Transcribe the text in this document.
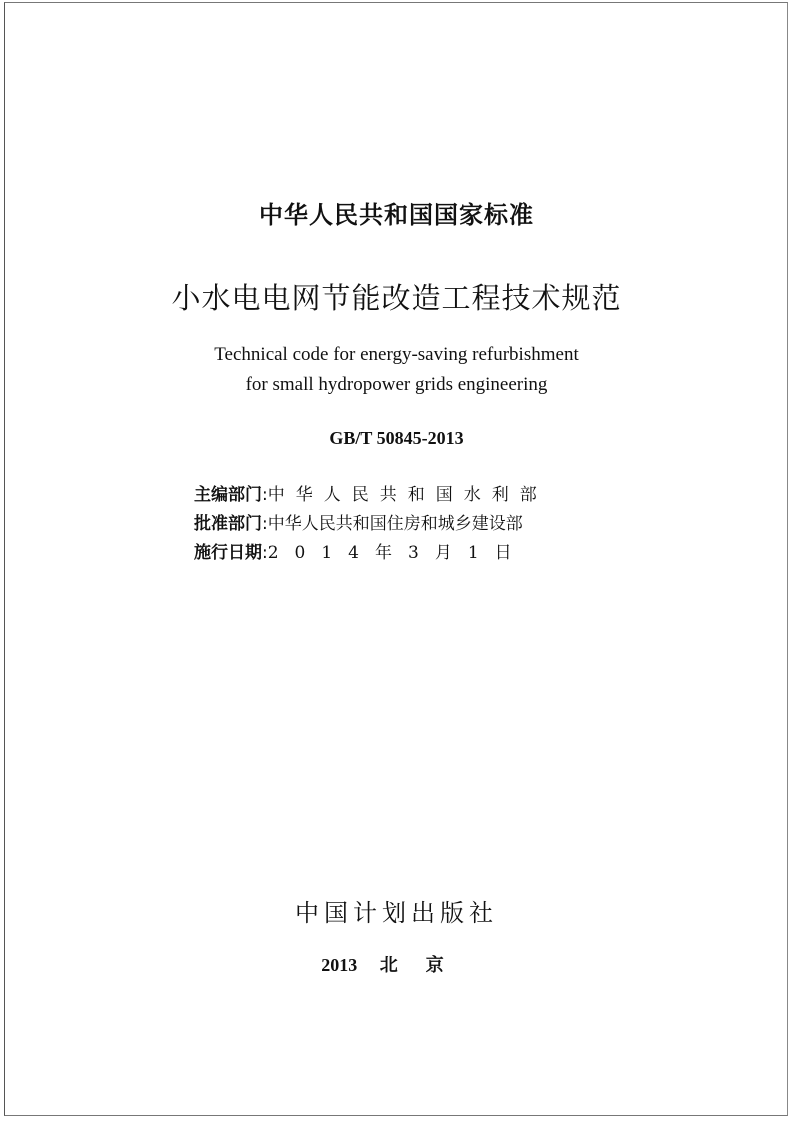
中华人民共和国国家标准
小水电电网节能改造工程技术规范
Technical code for energy-saving refurbishment
for small hydropower grids engineering
GB/T 50845-2013
主编部门 : 中华人民共和国水利部
批准部门 : 中华人民共和国住房和城乡建设部
施行日期 : 2014年3月1日
中国计划出版社
2013 北京
